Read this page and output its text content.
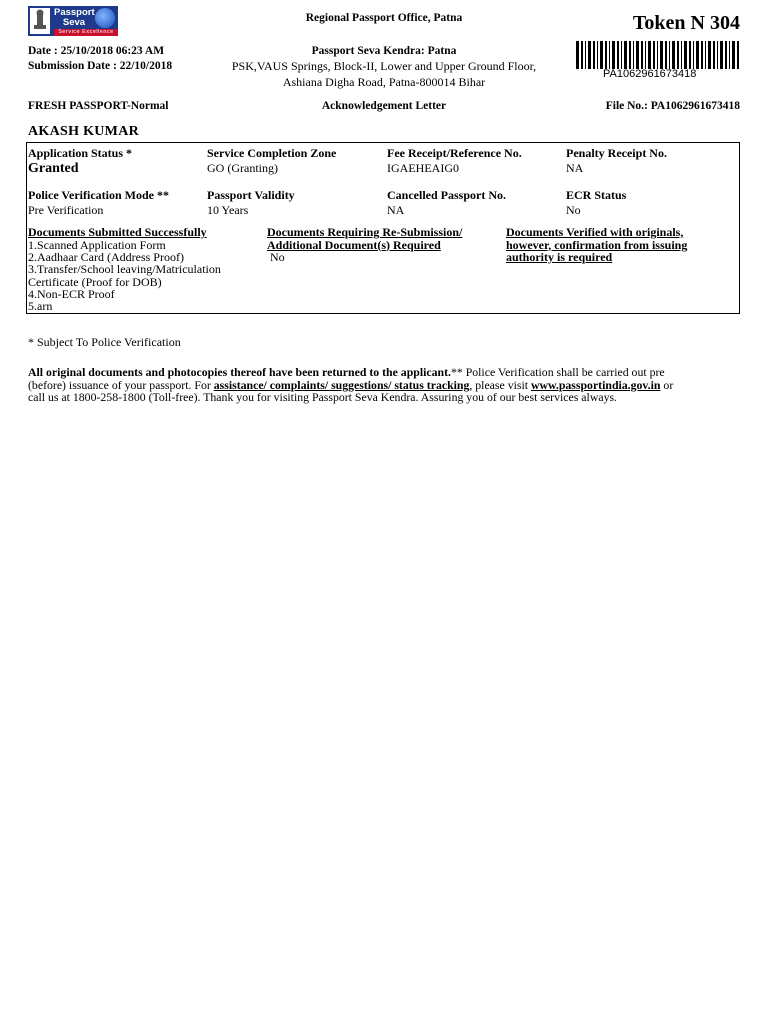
Passport
Seva
Service Excellence
Regional Passport Office, Patna	Token N 304
Date : 25/10/2018 06:23 AM
Submission Date : 22/10/2018
Passport Seva Kendra: Patna
PSK,VAUS Springs, Block-II, Lower and Upper Ground Floor,
Ashiana Digha Road, Patna-800014 Bihar
PA1062961673418
FRESH PASSPORT-Normal	Acknowledgement Letter	File No.: PA1062961673418
AKASH KUMAR
Application Status *
Granted
Service Completion Zone
GO (Granting)
Fee Receipt/Reference No.
IGAEHEAIG0
Penalty Receipt No.
NA
Police Verification Mode **
Pre Verification
Passport Validity
10 Years
Cancelled Passport No.
NA
ECR Status
No
Documents Submitted Successfully
1.Scanned Application Form
2.Aadhaar Card (Address Proof)
3.Transfer/School leaving/Matriculation
Certificate (Proof for DOB)
4.Non-ECR Proof
5.arn
Documents Requiring Re-Submission/
Additional Document(s) Required
No
Documents Verified with originals,
however, confirmation from issuing
authority is required
* Subject To Police Verification
All original documents and photocopies thereof have been returned to the applicant.** Police Verification shall be carried out pre
(before) issuance of your passport. For assistance/ complaints/ suggestions/ status tracking, please visit www.passportindia.gov.in or
call us at 1800-258-1800 (Toll-free). Thank you for visiting Passport Seva Kendra. Assuring you of our best services always.
